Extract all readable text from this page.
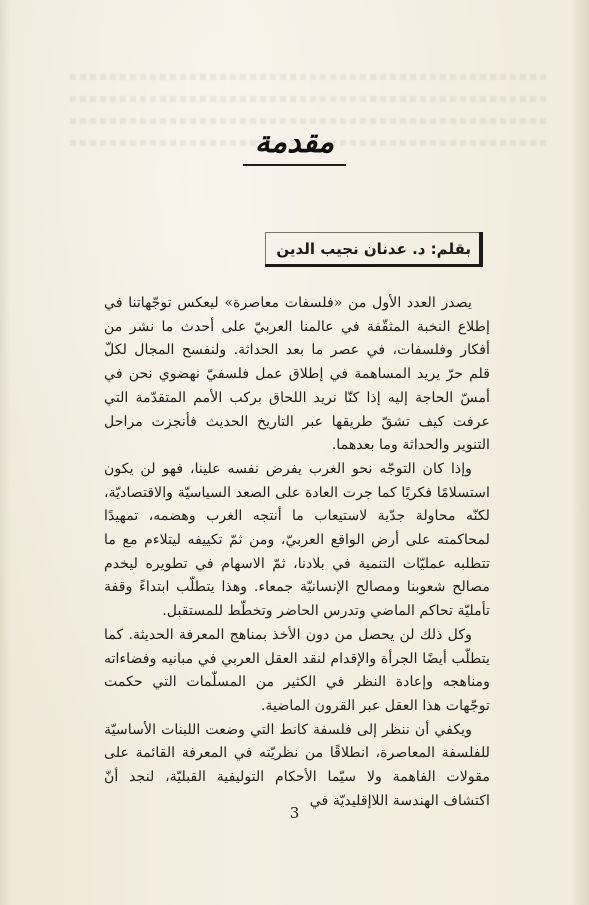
مقدمة
بقلم: د. عدنان نجيب الدين

يصدر العدد الأول من «فلسفات معاصرة» ليعكس توجّهاتنا في إطلاع النخبة المثقّفة في عالمنا العربيّ على أحدث ما نشر من أفكار وفلسفات، في عصر ما بعد الحداثة. ولنفسح المجال لكلّ قلم حرّ يريد المساهمة في إطلاق عمل فلسفيّ نهضوي نحن في أمسّ الحاجة إليه إذا كنّا نريد اللحاق بركب الأمم المتقدّمة التي عرفت كيف تشقّ طريقها عبر التاريخ الحديث فأنجزت مراحل التنوير والحداثة وما بعدهما.

وإذا كان التوجّه نحو الغرب يفرض نفسه علينا، فهو لن يكون استسلامًا فكريًا كما جرت العادة على الصعد السياسيّة والاقتصاديّة، لكنّه محاولة جدّية لاستيعاب ما أنتجه الغرب وهضمه، تمهيدًا لمحاكمته على أرض الواقع العربيّ، ومن ثمّ تكييفه ليتلاءم مع ما تتطلبه عمليّات التنمية في بلادنا، ثمّ الاسهام في تطويره ليخدم مصالح شعوبنا ومصالح الإنسانيّة جمعاء. وهذا يتطلّب ابتداءً وقفة تأمليّة تحاكم الماضي وتدرس الحاضر وتخطّط للمستقبل.

وكل ذلك لن يحصل من دون الأخذ بمناهج المعرفة الحديثة. كما يتطلّب أيضًا الجرأة والإقدام لنقد العقل العربي في مبانيه وفضاءاته ومناهجه وإعادة النظر في الكثير من المسلّمات التي حكمت توجّهات هذا العقل عبر القرون الماضية.

ويكفي أن ننظر إلى فلسفة كانط التي وضعت اللبنات الأساسيّة للفلسفة المعاصرة، انطلاقًا من نظريّته في المعرفة القائمة على مقولات الفاهمة ولا سيّما الأحكام التوليفية القبليّة، لنجد أنّ اكتشاف الهندسة اللاإقليديّة في

3
